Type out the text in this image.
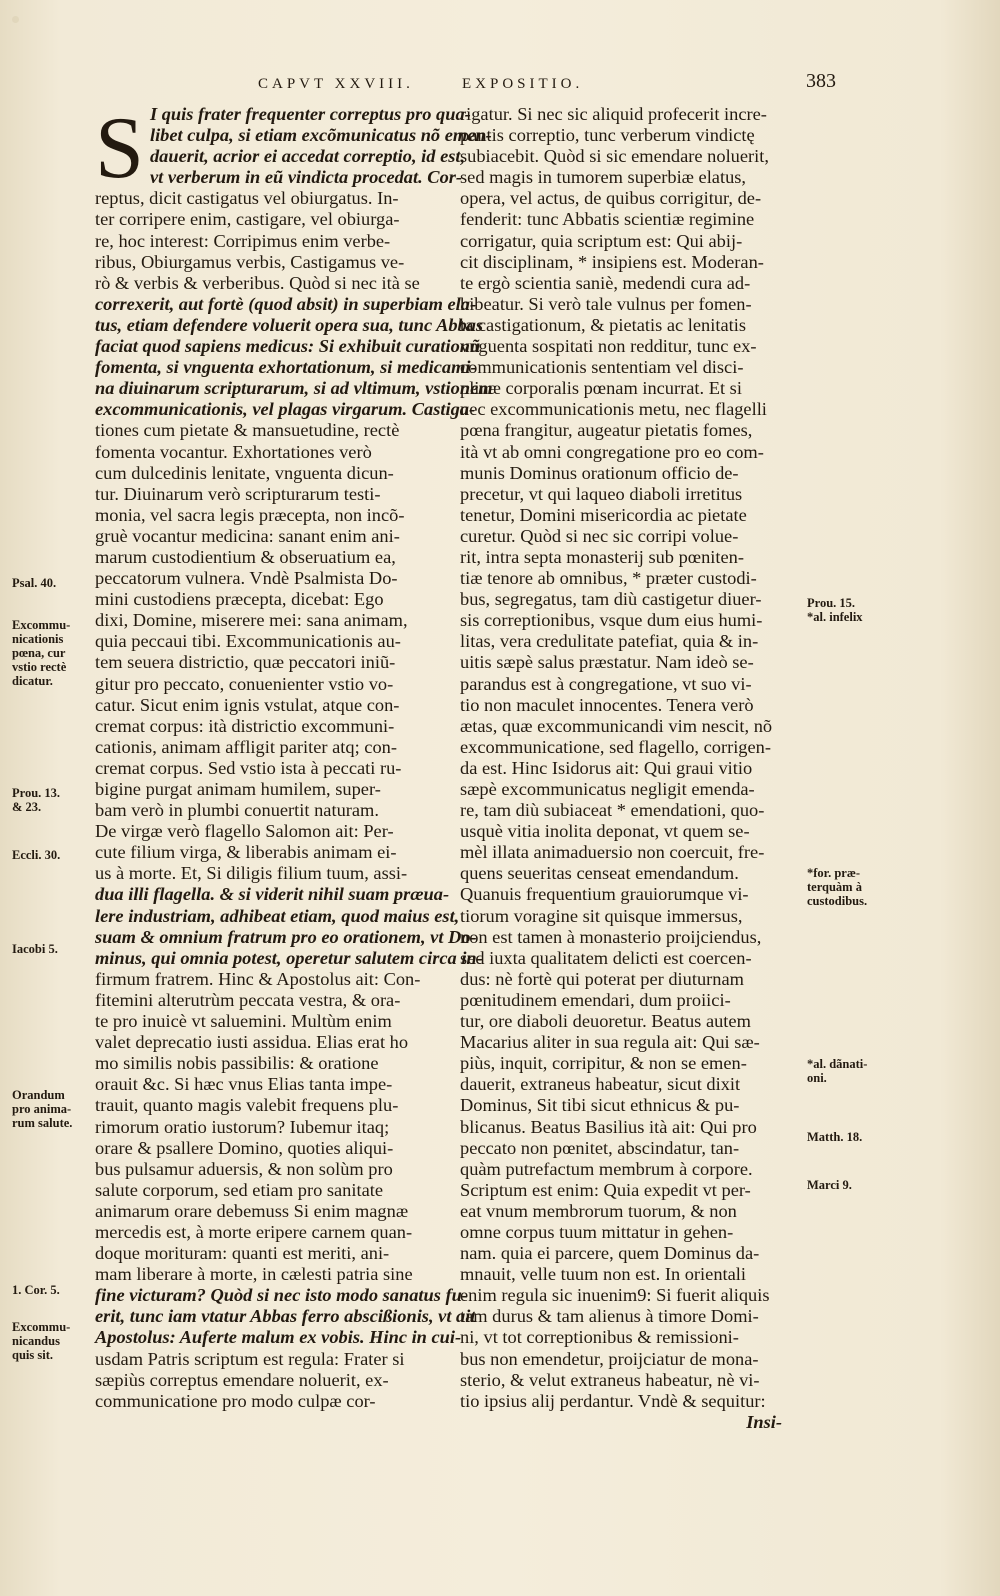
CAPVT XXVIII.	EXPOSITIO.	383
S I quis frater frequenter correptus pro qua-
libet culpa, si etiam excõmunicatus nõ emen-
dauerit, acrior ei accedat correptio, id est,
vt verberum in eũ vindicta procedat. Cor-
reptus, dicit castigatus vel obiurgatus. In-
ter corripere enim, castigare, vel obiurga-
re, hoc interest: Corripimus enim verbe-
ribus, Obiurgamus verbis, Castigamus ve-
rò & verbis & verberibus. Quòd si nec ità se
correxerit, aut fortè (quod absit) in superbiam ela-
tus, etiam defendere voluerit opera sua, tunc Abbas
faciat quod sapiens medicus: Si exhibuit curationũ
fomenta, si vnguenta exhortationum, si medicami-
na diuinarum scripturarum, si ad vltimum, vstionem
excommunicationis, vel plagas virgarum. Castiga-
tiones cum pietate & mansuetudine, rectè
fomenta vocantur. Exhortationes verò
cum dulcedinis lenitate, vnguenta dicun-
tur. Diuinarum verò scripturarum testi-
monia, vel sacra legis præcepta, non incõ-
gruè vocantur medicina: sanant enim ani-
marum custodientium & obseruatium ea,
peccatorum vulnera. Vndè Psalmista Do-
mini custodiens præcepta, dicebat: Ego
dixi, Domine, miserere mei: sana animam,
quia peccaui tibi. Excommunicationis au-
tem seuera districtio, quæ peccatori iniũ-
gitur pro peccato, conuenienter vstio vo-
catur. Sicut enim ignis vstulat, atque con-
cremat corpus: ità districtio excommuni-
cationis, animam affligit pariter atq; con-
cremat corpus. Sed vstio ista à peccati ru-
bigine purgat animam humilem, super-
bam verò in plumbi conuertit naturam.
De virgæ verò flagello Salomon ait: Per-
cute filium virga, & liberabis animam ei-
us à morte. Et, Si diligis filium tuum, assi-
dua illi flagella. & si viderit nihil suam præua-
lere industriam, adhibeat etiam, quod maius est,
suam & omnium fratrum pro eo orationem, vt Do-
minus, qui omnia potest, operetur salutem circa in-
firmum fratrem. Hinc & Apostolus ait: Con-
fitemini alterutrùm peccata vestra, & ora-
te pro inuicè vt saluemini. Multùm enim
valet deprecatio iusti assidua. Elias erat ho
mo similis nobis passibilis: & oratione
orauit &c. Si hæc vnus Elias tanta impe-
trauit, quanto magis valebit frequens plu-
rimorum oratio iustorum? Iubemur itaq;
orare & psallere Domino, quoties aliqui-
bus pulsamur aduersis, & non solùm pro
salute corporum, sed etiam pro sanitate
animarum orare debemuss Si enim magnæ
mercedis est, à morte eripere carnem quan-
doque morituram: quanti est meriti, ani-
mam liberare à morte, in cælesti patria sine
fine victuram? Quòd si nec isto modo sanatus fu-
erit, tunc iam vtatur Abbas ferro abscißionis, vt ait
Apostolus: Auferte malum ex vobis. Hinc in cui-
usdam Patris scriptum est regula: Frater si
sæpiùs correptus emendare noluerit, ex-
communicatione pro modo culpæ cor-
rigatur. Si nec sic aliquid profecerit incre-
pantis correptio, tunc verberum vindictę
subiacebit. Quòd si sic emendare noluerit,
sed magis in tumorem superbiæ elatus,
opera, vel actus, de quibus corrigitur, de-
fenderit: tunc Abbatis scientiæ regimine
corrigatur, quia scriptum est: Qui abij-
cit disciplinam, * insipiens est. Moderan-
te ergò scientia saniè, medendi cura ad-
hibeatur. Si verò tale vulnus per fomen-
ta castigationum, & pietatis ac lenitatis
vnguenta sospitati non redditur, tunc ex-
communicationis sententiam vel disci-
plinæ corporalis pœnam incurrat. Et si
nec excommunicationis metu, nec flagelli
pœna frangitur, augeatur pietatis fomes,
ità vt ab omni congregatione pro eo com-
munis Dominus orationum officio de-
precetur, vt qui laqueo diaboli irretitus
tenetur, Domini misericordia ac pietate
curetur. Quòd si nec sic corripi volue-
rit, intra septa monasterij sub pœniten-
tiæ tenore ab omnibus, * præter custodi-
bus, segregatus, tam diù castigetur diuer-
sis correptionibus, vsque dum eius humi-
litas, vera credulitate patefiat, quia & in-
uitis sæpè salus præstatur. Nam ideò se-
parandus est à congregatione, vt suo vi-
tio non maculet innocentes. Tenera verò
ætas, quæ excommunicandi vim nescit, nõ
excommunicatione, sed flagello, corrigen-
da est. Hinc Isidorus ait: Qui graui vitio
sæpè excommunicatus negligit emenda-
re, tam diù subiaceat * emendationi, quo-
usquè vitia inolita deponat, vt quem se-
mèl illata animaduersio non coercuit, fre-
quens seueritas censeat emendandum.
Quanuis frequentium grauiorumque vi-
tiorum voragine sit quisque immersus,
non est tamen à monasterio proijciendus,
sed iuxta qualitatem delicti est coercen-
dus: nè fortè qui poterat per diuturnam
pœnitudinem emendari, dum proiici-
tur, ore diaboli deuoretur. Beatus autem
Macarius aliter in sua regula ait: Qui sæ-
piùs, inquit, corripitur, & non se emen-
dauerit, extraneus habeatur, sicut dixit
Dominus, Sit tibi sicut ethnicus & pu-
blicanus. Beatus Basilius ità ait: Qui pro
peccato non pœnitet, abscindatur, tan-
quàm putrefactum membrum à corpore.
Scriptum est enim: Quia expedit vt per-
eat vnum membrorum tuorum, & non
omne corpus tuum mittatur in gehen-
nam. quia ei parcere, quem Dominus da-
mnauit, velle tuum non est. In orientali
enim regula sic inuenim9: Si fuerit aliquis
tam durus & tam alienus à timore Domi-
ni, vt tot correptionibus & remissioni-
bus non emendetur, proijciatur de mona-
sterio, & velut extraneus habeatur, nè vi-
tio ipsius alij perdantur. Vndè & sequitur:
Insi-
Psal. 40.
Excommu-
nicationis
pœna, cur
vstio rectè
dicatur.
Prou. 13.
& 23.
Eccli. 30.
Iacobi 5.
Orandum
pro anima-
rum salute.
1. Cor. 5.
Excommu-
nicandus
quis sit.
Prou. 15.
*al. infelix
*for. præ-
terquàm à
custodibus.
*al. dãnati-
oni.
Matth. 18.
Marci 9.
